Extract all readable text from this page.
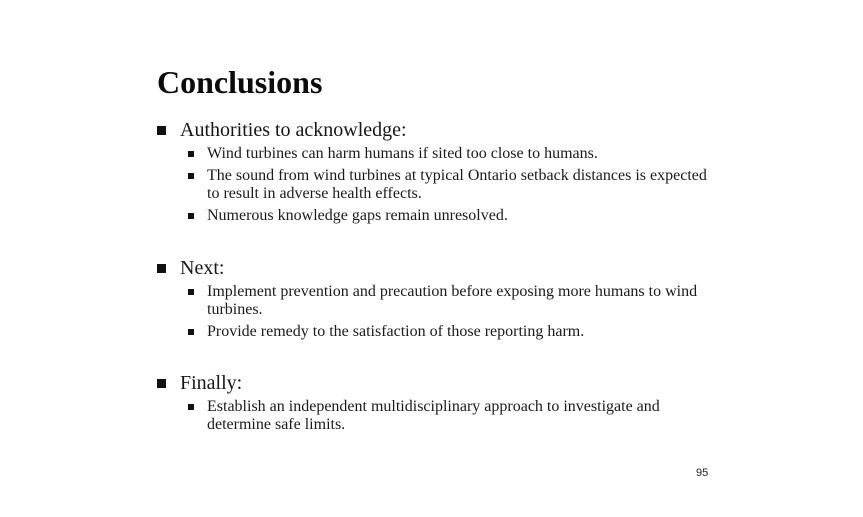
Conclusions
Authorities to acknowledge:
Wind turbines can harm humans if sited too close to humans.
The sound from wind turbines at typical Ontario setback distances is expected to result in adverse health effects.
Numerous knowledge gaps remain unresolved.
Next:
Implement prevention and precaution before exposing more humans to wind turbines.
Provide remedy to the satisfaction of those reporting harm.
Finally:
Establish an independent multidisciplinary approach to investigate and determine safe limits.
95
